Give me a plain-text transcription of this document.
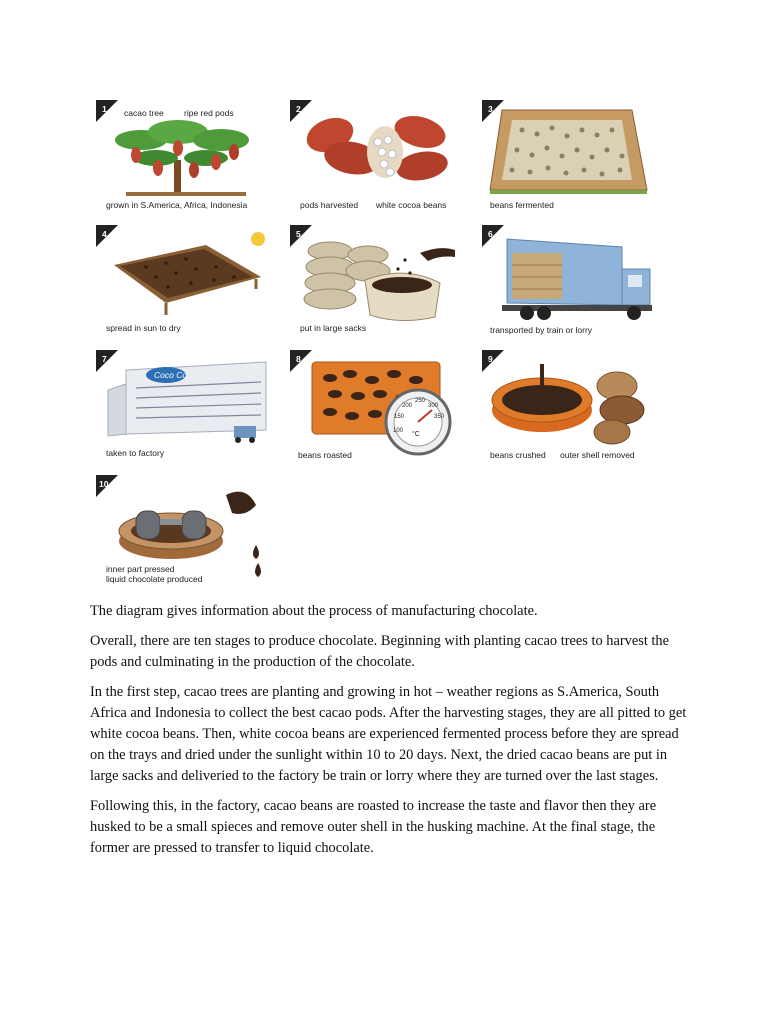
1 cacao tree ripe red pods
grown in S.America, Africa, Indonesia
2
pods harvested white cocoa beans
3
beans fermented
4
spread in sun to dry
5
put in large sacks
6
transported by train or lorry
7
Coco Co
taken to factory
8
100
150
200
250
300
350
°C
beans roasted
9
beans crushed outer shell removed
10
inner part pressed
liquid chocolate produced

The diagram gives information about the process of manufacturing chocolate.

Overall, there are ten stages to produce chocolate. Beginning with planting cacao trees to harvest the pods and culminating in the production of the chocolate.

In the first step, cacao trees are planting and growing in hot – weather regions as S.America, South Africa and Indonesia to collect the best cacao pods. After the harvesting stages, they are all pitted to get white cocoa beans. Then, white cocoa beans are experienced fermented process before they are spread on the trays and dried under the sunlight within 10 to 20 days. Next, the dried cacao beans are put in large sacks and deliveried to the factory be train or lorry where they are turned over the last stages.

Following this, in the factory, cacao beans are roasted to increase the taste and flavor then they are husked to be a small spieces and remove outer shell in the husking machine. At the final stage, the former are pressed to transfer to liquid chocolate.
